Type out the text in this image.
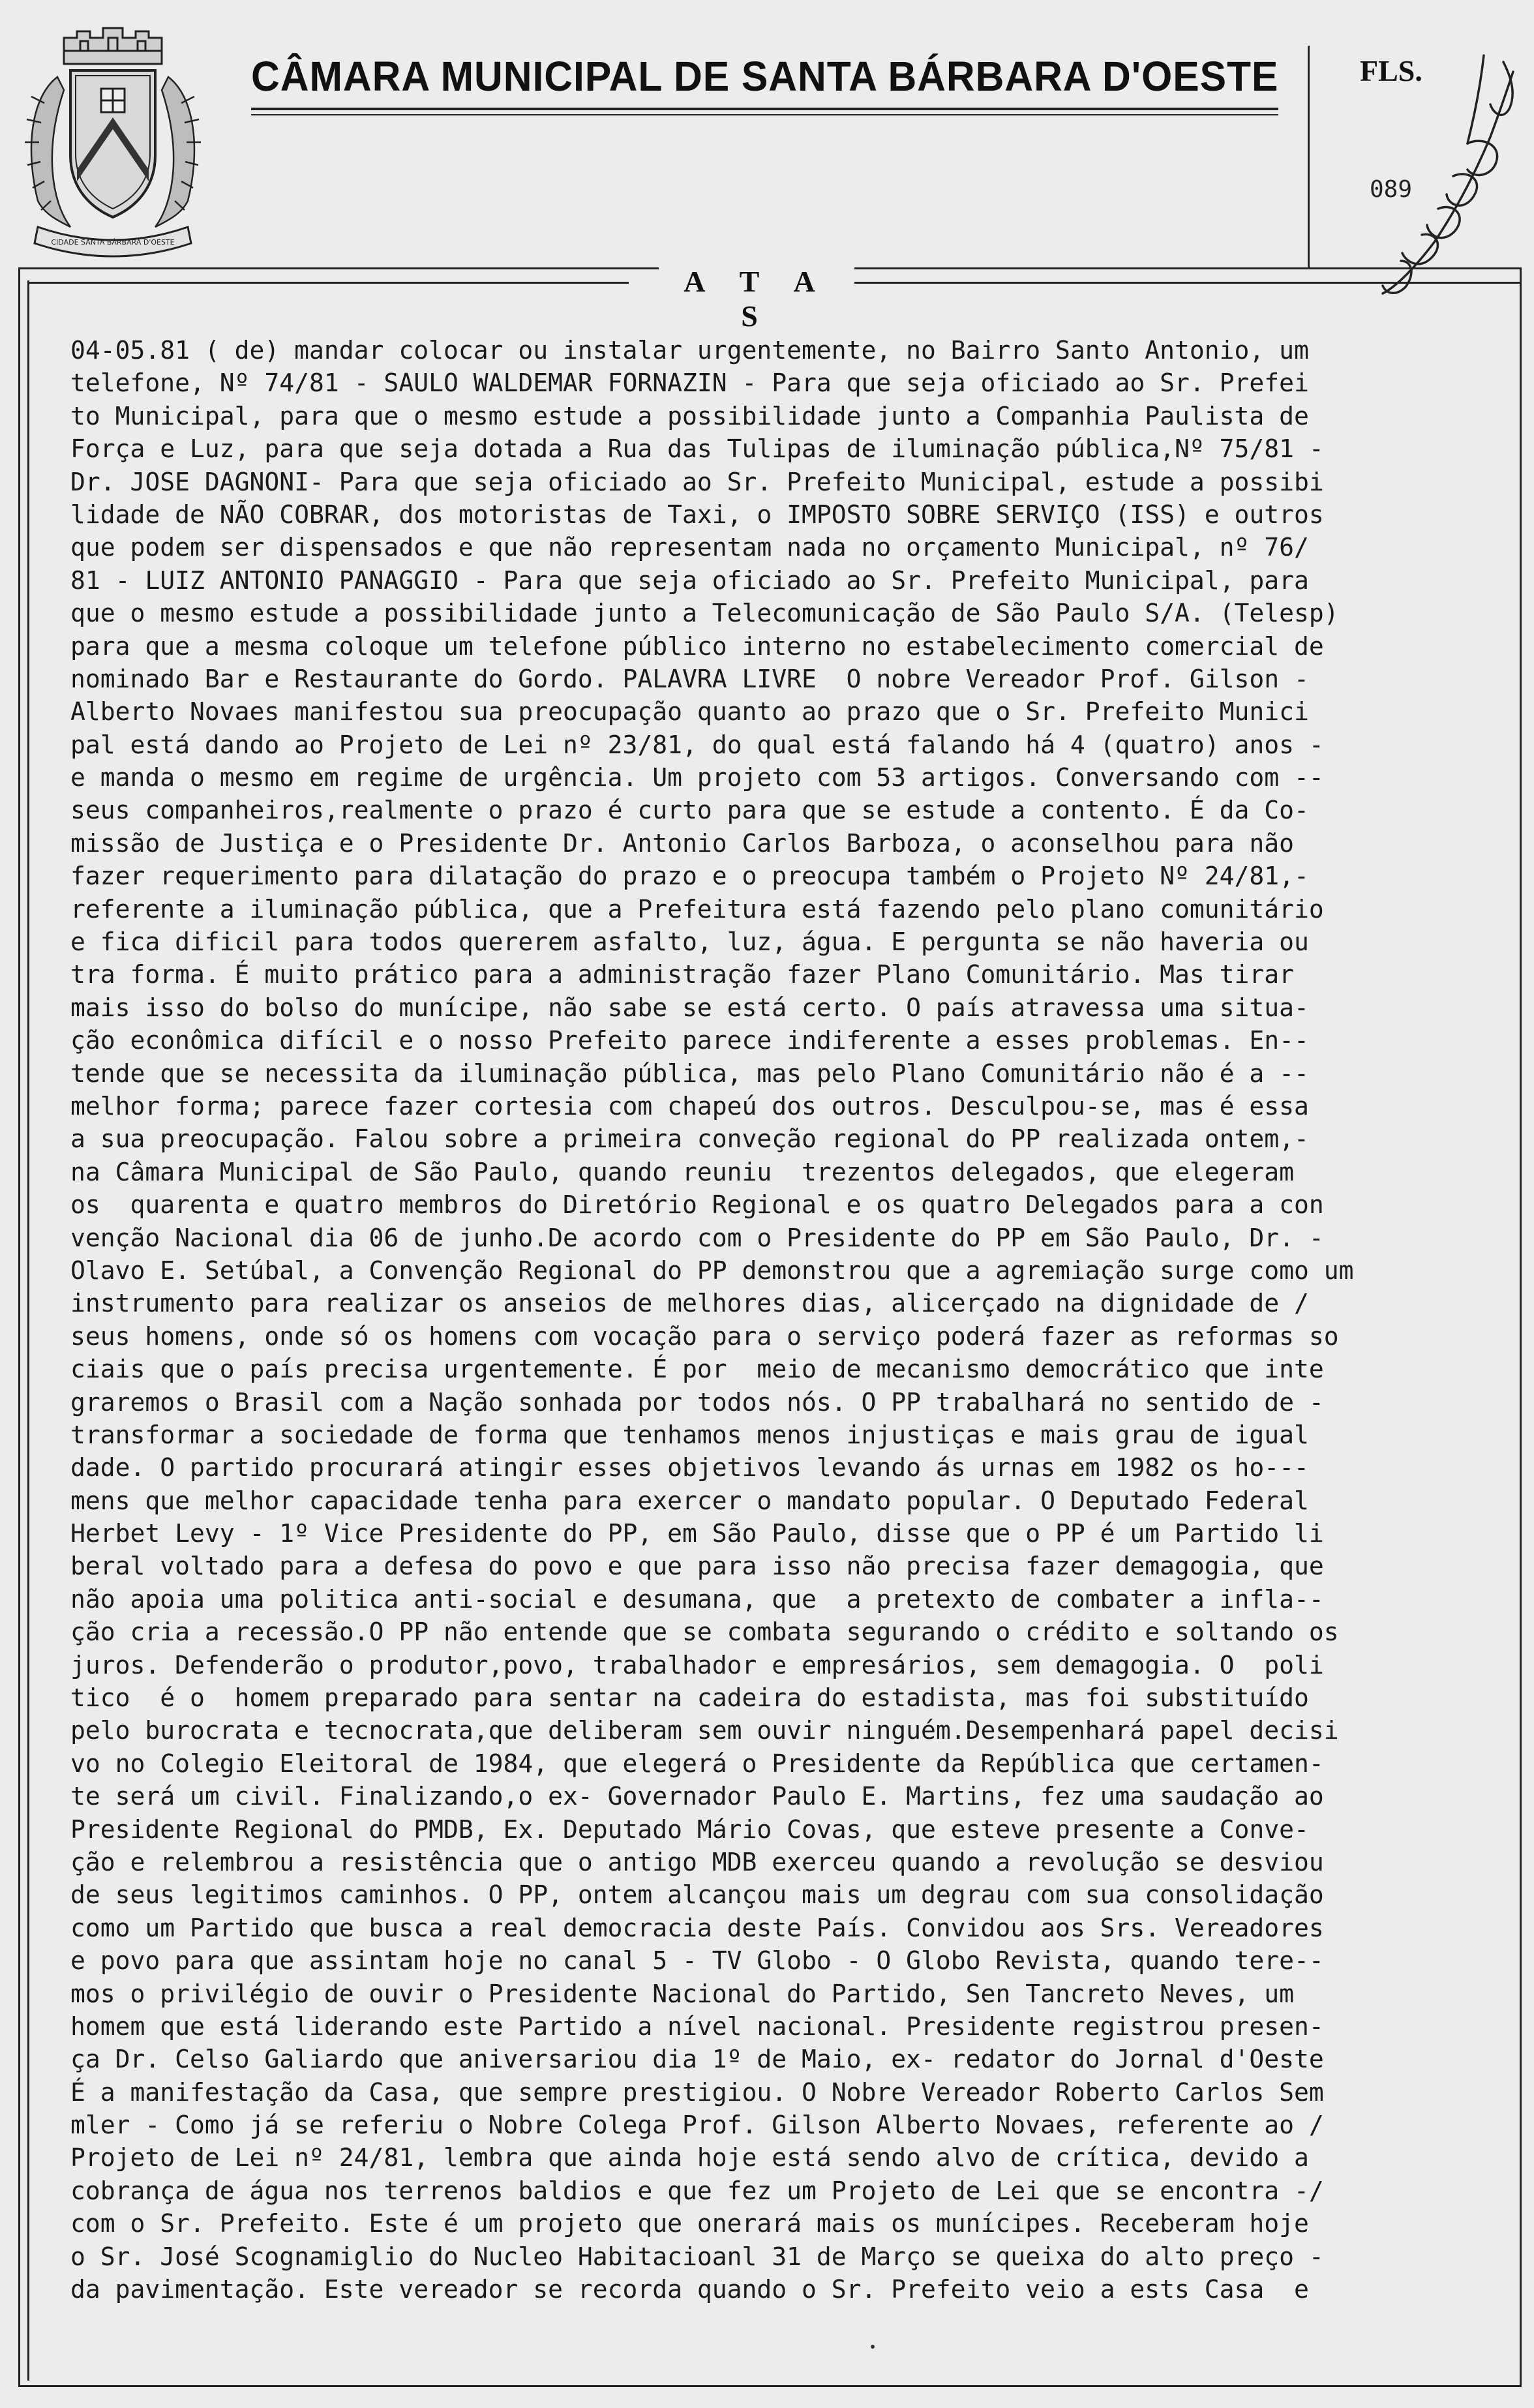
CIDADE SANTA BÁRBARA D'OESTE
CÂMARA MUNICIPAL DE SANTA BÁRBARA D'OESTE	FLS.
089
A T A S
04-05.81 ( de) mandar colocar ou instalar urgentemente, no Bairro Santo Antonio, um
telefone, Nº 74/81 - SAULO WALDEMAR FORNAZIN - Para que seja oficiado ao Sr. Prefei
to Municipal, para que o mesmo estude a possibilidade junto a Companhia Paulista de
Força e Luz, para que seja dotada a Rua das Tulipas de iluminação pública,Nº 75/81 -
Dr. JOSE DAGNONI- Para que seja oficiado ao Sr. Prefeito Municipal, estude a possibi
lidade de NÃO COBRAR, dos motoristas de Taxi, o IMPOSTO SOBRE SERVIÇO (ISS) e outros
que podem ser dispensados e que não representam nada no orçamento Municipal, nº 76/
81 - LUIZ ANTONIO PANAGGIO - Para que seja oficiado ao Sr. Prefeito Municipal, para
que o mesmo estude a possibilidade junto a Telecomunicação de São Paulo S/A. (Telesp)
para que a mesma coloque um telefone público interno no estabelecimento comercial de
nominado Bar e Restaurante do Gordo. PALAVRA LIVRE  O nobre Vereador Prof. Gilson -
Alberto Novaes manifestou sua preocupação quanto ao prazo que o Sr. Prefeito Munici
pal está dando ao Projeto de Lei nº 23/81, do qual está falando há 4 (quatro) anos -
e manda o mesmo em regime de urgência. Um projeto com 53 artigos. Conversando com --
seus companheiros,realmente o prazo é curto para que se estude a contento. É da Co-
missão de Justiça e o Presidente Dr. Antonio Carlos Barboza, o aconselhou para não
fazer requerimento para dilatação do prazo e o preocupa também o Projeto Nº 24/81,-
referente a iluminação pública, que a Prefeitura está fazendo pelo plano comunitário
e fica dificil para todos quererem asfalto, luz, água. E pergunta se não haveria ou
tra forma. É muito prático para a administração fazer Plano Comunitário. Mas tirar
mais isso do bolso do munícipe, não sabe se está certo. O país atravessa uma situa-
ção econômica difícil e o nosso Prefeito parece indiferente a esses problemas. En--
tende que se necessita da iluminação pública, mas pelo Plano Comunitário não é a --
melhor forma; parece fazer cortesia com chapeú dos outros. Desculpou-se, mas é essa
a sua preocupação. Falou sobre a primeira conveção regional do PP realizada ontem,-
na Câmara Municipal de São Paulo, quando reuniu  trezentos delegados, que elegeram
os  quarenta e quatro membros do Diretório Regional e os quatro Delegados para a con
venção Nacional dia 06 de junho.De acordo com o Presidente do PP em São Paulo, Dr. -
Olavo E. Setúbal, a Convenção Regional do PP demonstrou que a agremiação surge como um
instrumento para realizar os anseios de melhores dias, alicerçado na dignidade de /
seus homens, onde só os homens com vocação para o serviço poderá fazer as reformas so
ciais que o país precisa urgentemente. É por  meio de mecanismo democrático que inte
graremos o Brasil com a Nação sonhada por todos nós. O PP trabalhará no sentido de -
transformar a sociedade de forma que tenhamos menos injustiças e mais grau de igual
dade. O partido procurará atingir esses objetivos levando ás urnas em 1982 os ho---
mens que melhor capacidade tenha para exercer o mandato popular. O Deputado Federal
Herbet Levy - 1º Vice Presidente do PP, em São Paulo, disse que o PP é um Partido li
beral voltado para a defesa do povo e que para isso não precisa fazer demagogia, que
não apoia uma politica anti-social e desumana, que  a pretexto de combater a infla--
ção cria a recessão.O PP não entende que se combata segurando o crédito e soltando os
juros. Defenderão o produtor,povo, trabalhador e empresários, sem demagogia. O  poli
tico  é o  homem preparado para sentar na cadeira do estadista, mas foi substituído
pelo burocrata e tecnocrata,que deliberam sem ouvir ninguém.Desempenhará papel decisi
vo no Colegio Eleitoral de 1984, que elegerá o Presidente da República que certamen-
te será um civil. Finalizando,o ex- Governador Paulo E. Martins, fez uma saudação ao
Presidente Regional do PMDB, Ex. Deputado Mário Covas, que esteve presente a Conve-
ção e relembrou a resistência que o antigo MDB exerceu quando a revolução se desviou
de seus legitimos caminhos. O PP, ontem alcançou mais um degrau com sua consolidação
como um Partido que busca a real democracia deste País. Convidou aos Srs. Vereadores
e povo para que assintam hoje no canal 5 - TV Globo - O Globo Revista, quando tere--
mos o privilégio de ouvir o Presidente Nacional do Partido, Sen Tancreto Neves, um
homem que está liderando este Partido a nível nacional. Presidente registrou presen-
ça Dr. Celso Galiardo que aniversariou dia 1º de Maio, ex- redator do Jornal d'Oeste
É a manifestação da Casa, que sempre prestigiou. O Nobre Vereador Roberto Carlos Sem
mler - Como já se referiu o Nobre Colega Prof. Gilson Alberto Novaes, referente ao /
Projeto de Lei nº 24/81, lembra que ainda hoje está sendo alvo de crítica, devido a
cobrança de água nos terrenos baldios e que fez um Projeto de Lei que se encontra -/
com o Sr. Prefeito. Este é um projeto que onerará mais os munícipes. Receberam hoje
o Sr. José Scognamiglio do Nucleo Habitacioanl 31 de Março se queixa do alto preço -
da pavimentação. Este vereador se recorda quando o Sr. Prefeito veio a ests Casa  e
